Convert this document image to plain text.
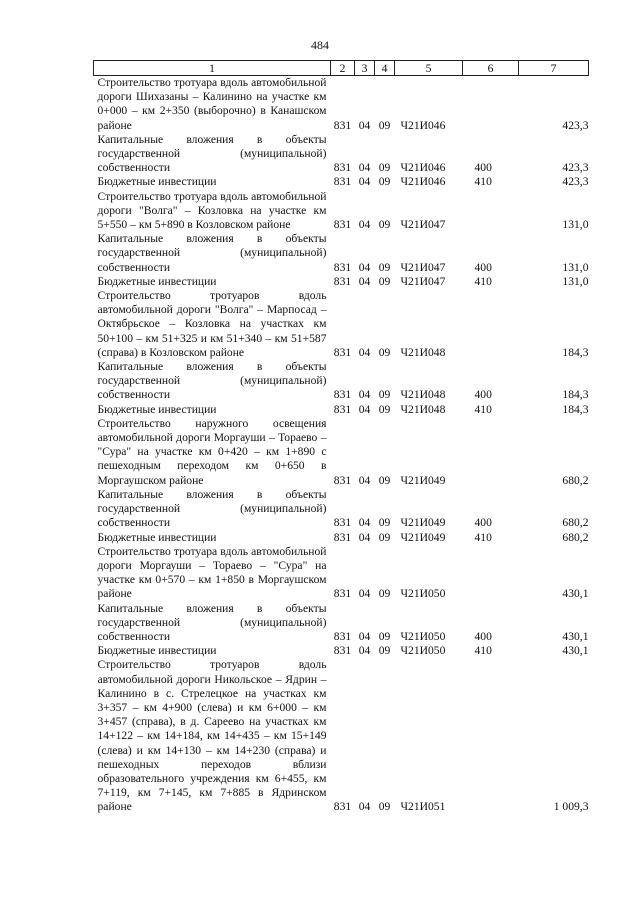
484
1	2	3	4	5	6	7
Строительство тротуара вдоль автомобильной дороги Шихазаны – Калинино на участке км 0+000 – км 2+350 (выборочно) в Канашском районе	831	04	09	Ч21И046		423,3
Капитальные вложения в объекты государственной (муниципальной) собственности	831	04	09	Ч21И046	400	423,3
Бюджетные инвестиции	831	04	09	Ч21И046	410	423,3
Строительство тротуара вдоль автомобильной дороги "Волга" – Козловка на участке км 5+550 – км 5+890 в Козловском районе	831	04	09	Ч21И047		131,0
Капитальные вложения в объекты государственной (муниципальной) собственности	831	04	09	Ч21И047	400	131,0
Бюджетные инвестиции	831	04	09	Ч21И047	410	131,0
Строительство тротуаров вдоль автомобильной дороги "Волга" – Марпосад – Октябрьское – Козловка на участках км 50+100 – км 51+325 и км 51+340 – км 51+587 (справа) в Козловском районе	831	04	09	Ч21И048		184,3
Капитальные вложения в объекты государственной (муниципальной) собственности	831	04	09	Ч21И048	400	184,3
Бюджетные инвестиции	831	04	09	Ч21И048	410	184,3
Строительство наружного освещения автомобильной дороги Моргауши – Тораево – "Сура" на участке км 0+420 – км 1+890 с пешеходным переходом км 0+650 в Моргаушском районе	831	04	09	Ч21И049		680,2
Капитальные вложения в объекты государственной (муниципальной) собственности	831	04	09	Ч21И049	400	680,2
Бюджетные инвестиции	831	04	09	Ч21И049	410	680,2
Строительство тротуара вдоль автомобильной дороги Моргауши – Тораево – "Сура" на участке км 0+570 – км 1+850 в Моргаушском районе	831	04	09	Ч21И050		430,1
Капитальные вложения в объекты государственной (муниципальной) собственности	831	04	09	Ч21И050	400	430,1
Бюджетные инвестиции	831	04	09	Ч21И050	410	430,1
Строительство тротуаров вдоль автомобильной дороги Никольское – Ядрин – Калинино в с. Стрелецкое на участках км 3+357 – км 4+900 (слева) и км 6+000 – км 3+457 (справа), в д. Сареево на участках км 14+122 – км 14+184, км 14+435 – км 15+149 (слева) и км 14+130 – км 14+230 (справа) и пешеходных переходов вблизи образовательного учреждения км 6+455, км 7+119, км 7+145, км 7+885 в Ядринском районе	831	04	09	Ч21И051		1 009,3
